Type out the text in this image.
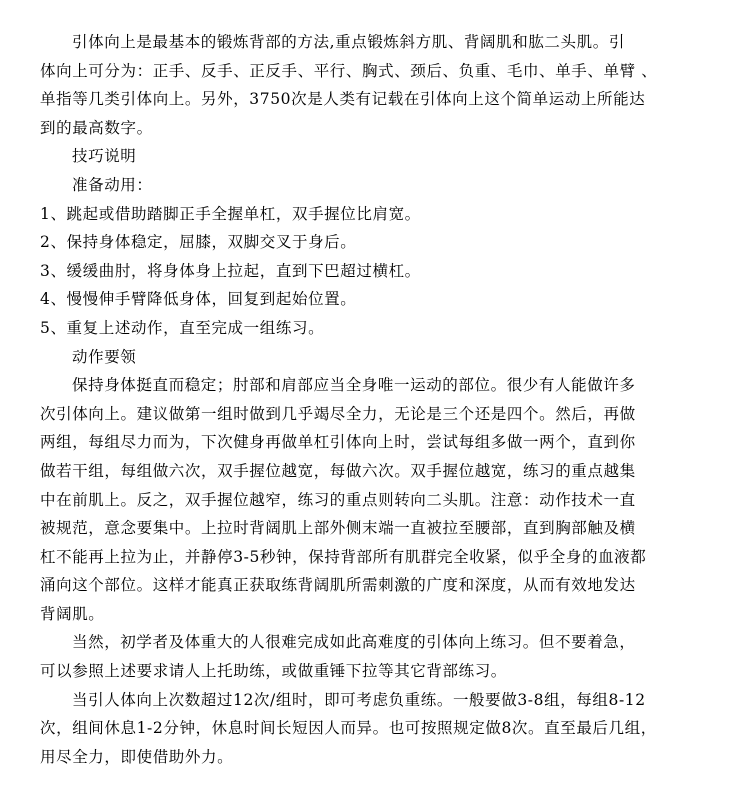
引体向上是最基本的锻炼背部的方法,重点锻炼斜方肌、背阔肌和肱二头肌。引
体向上可分为：正手、反手、正反手、平行、胸式、颈后、负重、毛巾、单手、单臂 、
单指等几类引体向上。另外，3750次是人类有记载在引体向上这个简单运动上所能达
到的最高数字。
技巧说明
准备动用：
1、跳起或借助踏脚正手全握单杠，双手握位比肩宽。
2、保持身体稳定，屈膝，双脚交叉于身后。
3、缓缓曲肘，将身体身上拉起，直到下巴超过横杠。
4、慢慢伸手臂降低身体，回复到起始位置。
5、重复上述动作，直至完成一组练习。
动作要领
保持身体挺直而稳定；肘部和肩部应当全身唯一运动的部位。很少有人能做许多
次引体向上。建议做第一组时做到几乎竭尽全力，无论是三个还是四个。然后，再做
两组，每组尽力而为，下次健身再做单杠引体向上时，尝试每组多做一两个，直到你
做若干组，每组做六次，双手握位越宽，每做六次。双手握位越宽，练习的重点越集
中在前肌上。反之，双手握位越窄，练习的重点则转向二头肌。注意：动作技术一直
被规范，意念要集中。上拉时背阔肌上部外侧末端一直被拉至腰部，直到胸部触及横
杠不能再上拉为止，并静停3-5秒钟，保持背部所有肌群完全收紧，似乎全身的血液都
涌向这个部位。这样才能真正获取练背阔肌所需刺激的广度和深度，从而有效地发达
背阔肌。
当然，初学者及体重大的人很难完成如此高难度的引体向上练习。但不要着急，
可以参照上述要求请人上托助练，或做重锤下拉等其它背部练习。
当引人体向上次数超过12次/组时，即可考虑负重练。一般要做3-8组，每组8-12
次，组间休息1-2分钟，休息时间长短因人而异。也可按照规定做8次。直至最后几组，
用尽全力，即使借助外力。
